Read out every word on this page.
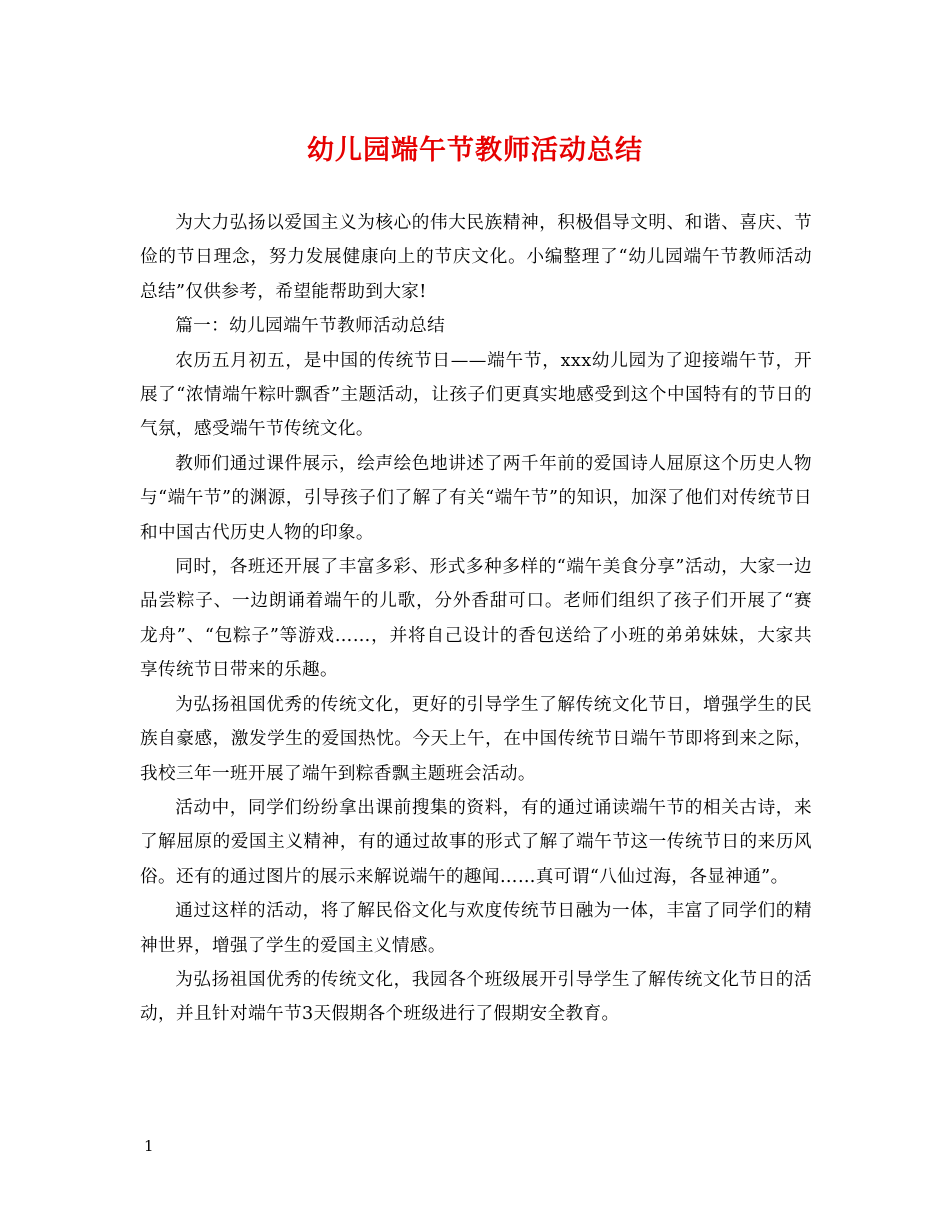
幼儿园端午节教师活动总结

为大力弘扬以爱国主义为核心的伟大民族精神，积极倡导文明、和谐、喜庆、节俭的节日理念，努力发展健康向上的节庆文化。小编整理了“幼儿园端午节教师活动总结”仅供参考，希望能帮助到大家!

篇一：幼儿园端午节教师活动总结

农历五月初五，是中国的传统节日——端午节，xxx幼儿园为了迎接端午节，开展了“浓情端午粽叶飘香”主题活动，让孩子们更真实地感受到这个中国特有的节日的气氛，感受端午节传统文化。

教师们通过课件展示，绘声绘色地讲述了两千年前的爱国诗人屈原这个历史人物与“端午节”的渊源，引导孩子们了解了有关“端午节”的知识，加深了他们对传统节日和中国古代历史人物的印象。

同时，各班还开展了丰富多彩、形式多种多样的“端午美食分享”活动，大家一边品尝粽子、一边朗诵着端午的儿歌，分外香甜可口。老师们组织了孩子们开展了“赛龙舟”、“包粽子”等游戏……，并将自己设计的香包送给了小班的弟弟妹妹，大家共享传统节日带来的乐趣。

为弘扬祖国优秀的传统文化，更好的引导学生了解传统文化节日，增强学生的民族自豪感，激发学生的爱国热忱。今天上午，在中国传统节日端午节即将到来之际，我校三年一班开展了端午到粽香飘主题班会活动。

活动中，同学们纷纷拿出课前搜集的资料，有的通过诵读端午节的相关古诗，来了解屈原的爱国主义精神，有的通过故事的形式了解了端午节这一传统节日的来历风俗。还有的通过图片的展示来解说端午的趣闻……真可谓“八仙过海，各显神通”。

通过这样的活动，将了解民俗文化与欢度传统节日融为一体，丰富了同学们的精神世界，增强了学生的爱国主义情感。

为弘扬祖国优秀的传统文化，我园各个班级展开引导学生了解传统文化节日的活动，并且针对端午节3天假期各个班级进行了假期安全教育。

1
